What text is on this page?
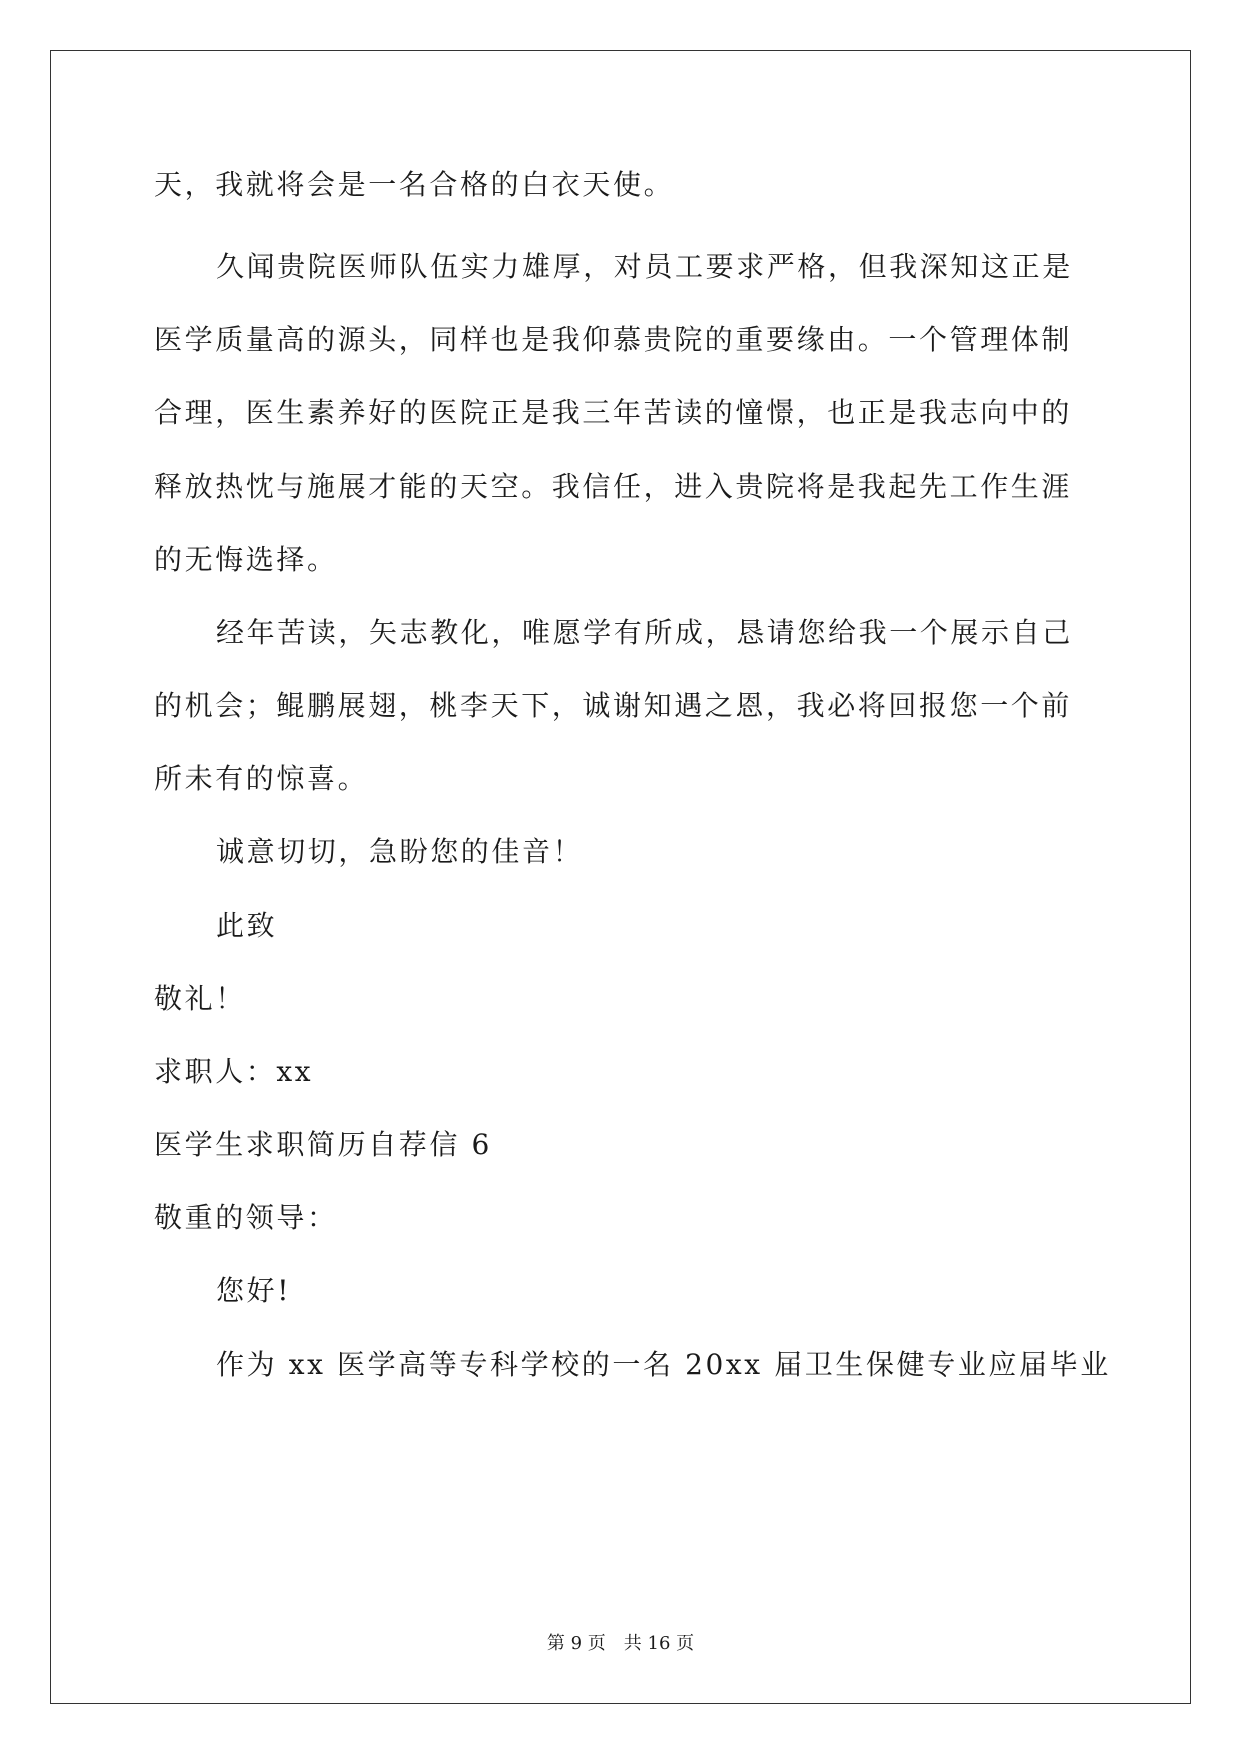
天，我就将会是一名合格的白衣天使。
久闻贵院医师队伍实力雄厚，对员工要求严格，但我深知这正是
医学质量高的源头，同样也是我仰慕贵院的重要缘由。一个管理体制
合理，医生素养好的医院正是我三年苦读的憧憬，也正是我志向中的
释放热忱与施展才能的天空。我信任，进入贵院将是我起先工作生涯
的无悔选择。
经年苦读，矢志教化，唯愿学有所成，恳请您给我一个展示自己
的机会；鲲鹏展翅，桃李天下，诚谢知遇之恩，我必将回报您一个前
所未有的惊喜。
诚意切切，急盼您的佳音！
此致
敬礼！
求职人：xx
医学生求职简历自荐信 6
敬重的领导：
您好!
作为 xx 医学高等专科学校的一名 20xx 届卫生保健专业应届毕业
第 9 页 共 16 页
